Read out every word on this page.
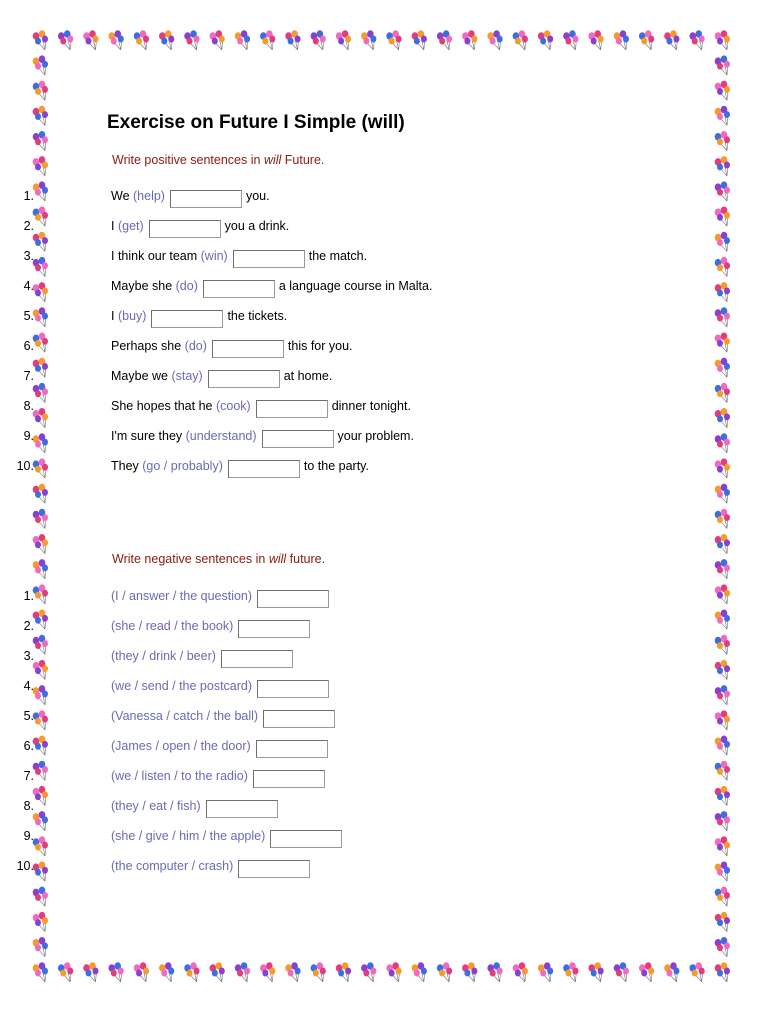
Exercise on Future I Simple (will)

Write positive sentences in will Future.

1.	We (help)	you.
2.	I (get)	you a drink.
3.	I think our team (win)	the match.
4.	Maybe she (do)	a language course in Malta.
5.	I (buy)	the tickets.
6.	Perhaps she (do)	this for you.
7.	Maybe we (stay)	at home.
8.	She hopes that he (cook)	dinner tonight.
9.	I'm sure they (understand)	your problem.
10.	They (go / probably)	to the party.

Write negative sentences in will future.

1.	(I / answer / the question)
2.	(she / read / the book)
3.	(they / drink / beer)
4.	(we / send / the postcard)
5.	(Vanessa / catch / the ball)
6.	(James / open / the door)
7.	(we / listen / to the radio)
8.	(they / eat / fish)
9.	(she / give / him / the apple)
10.	(the computer / crash)
